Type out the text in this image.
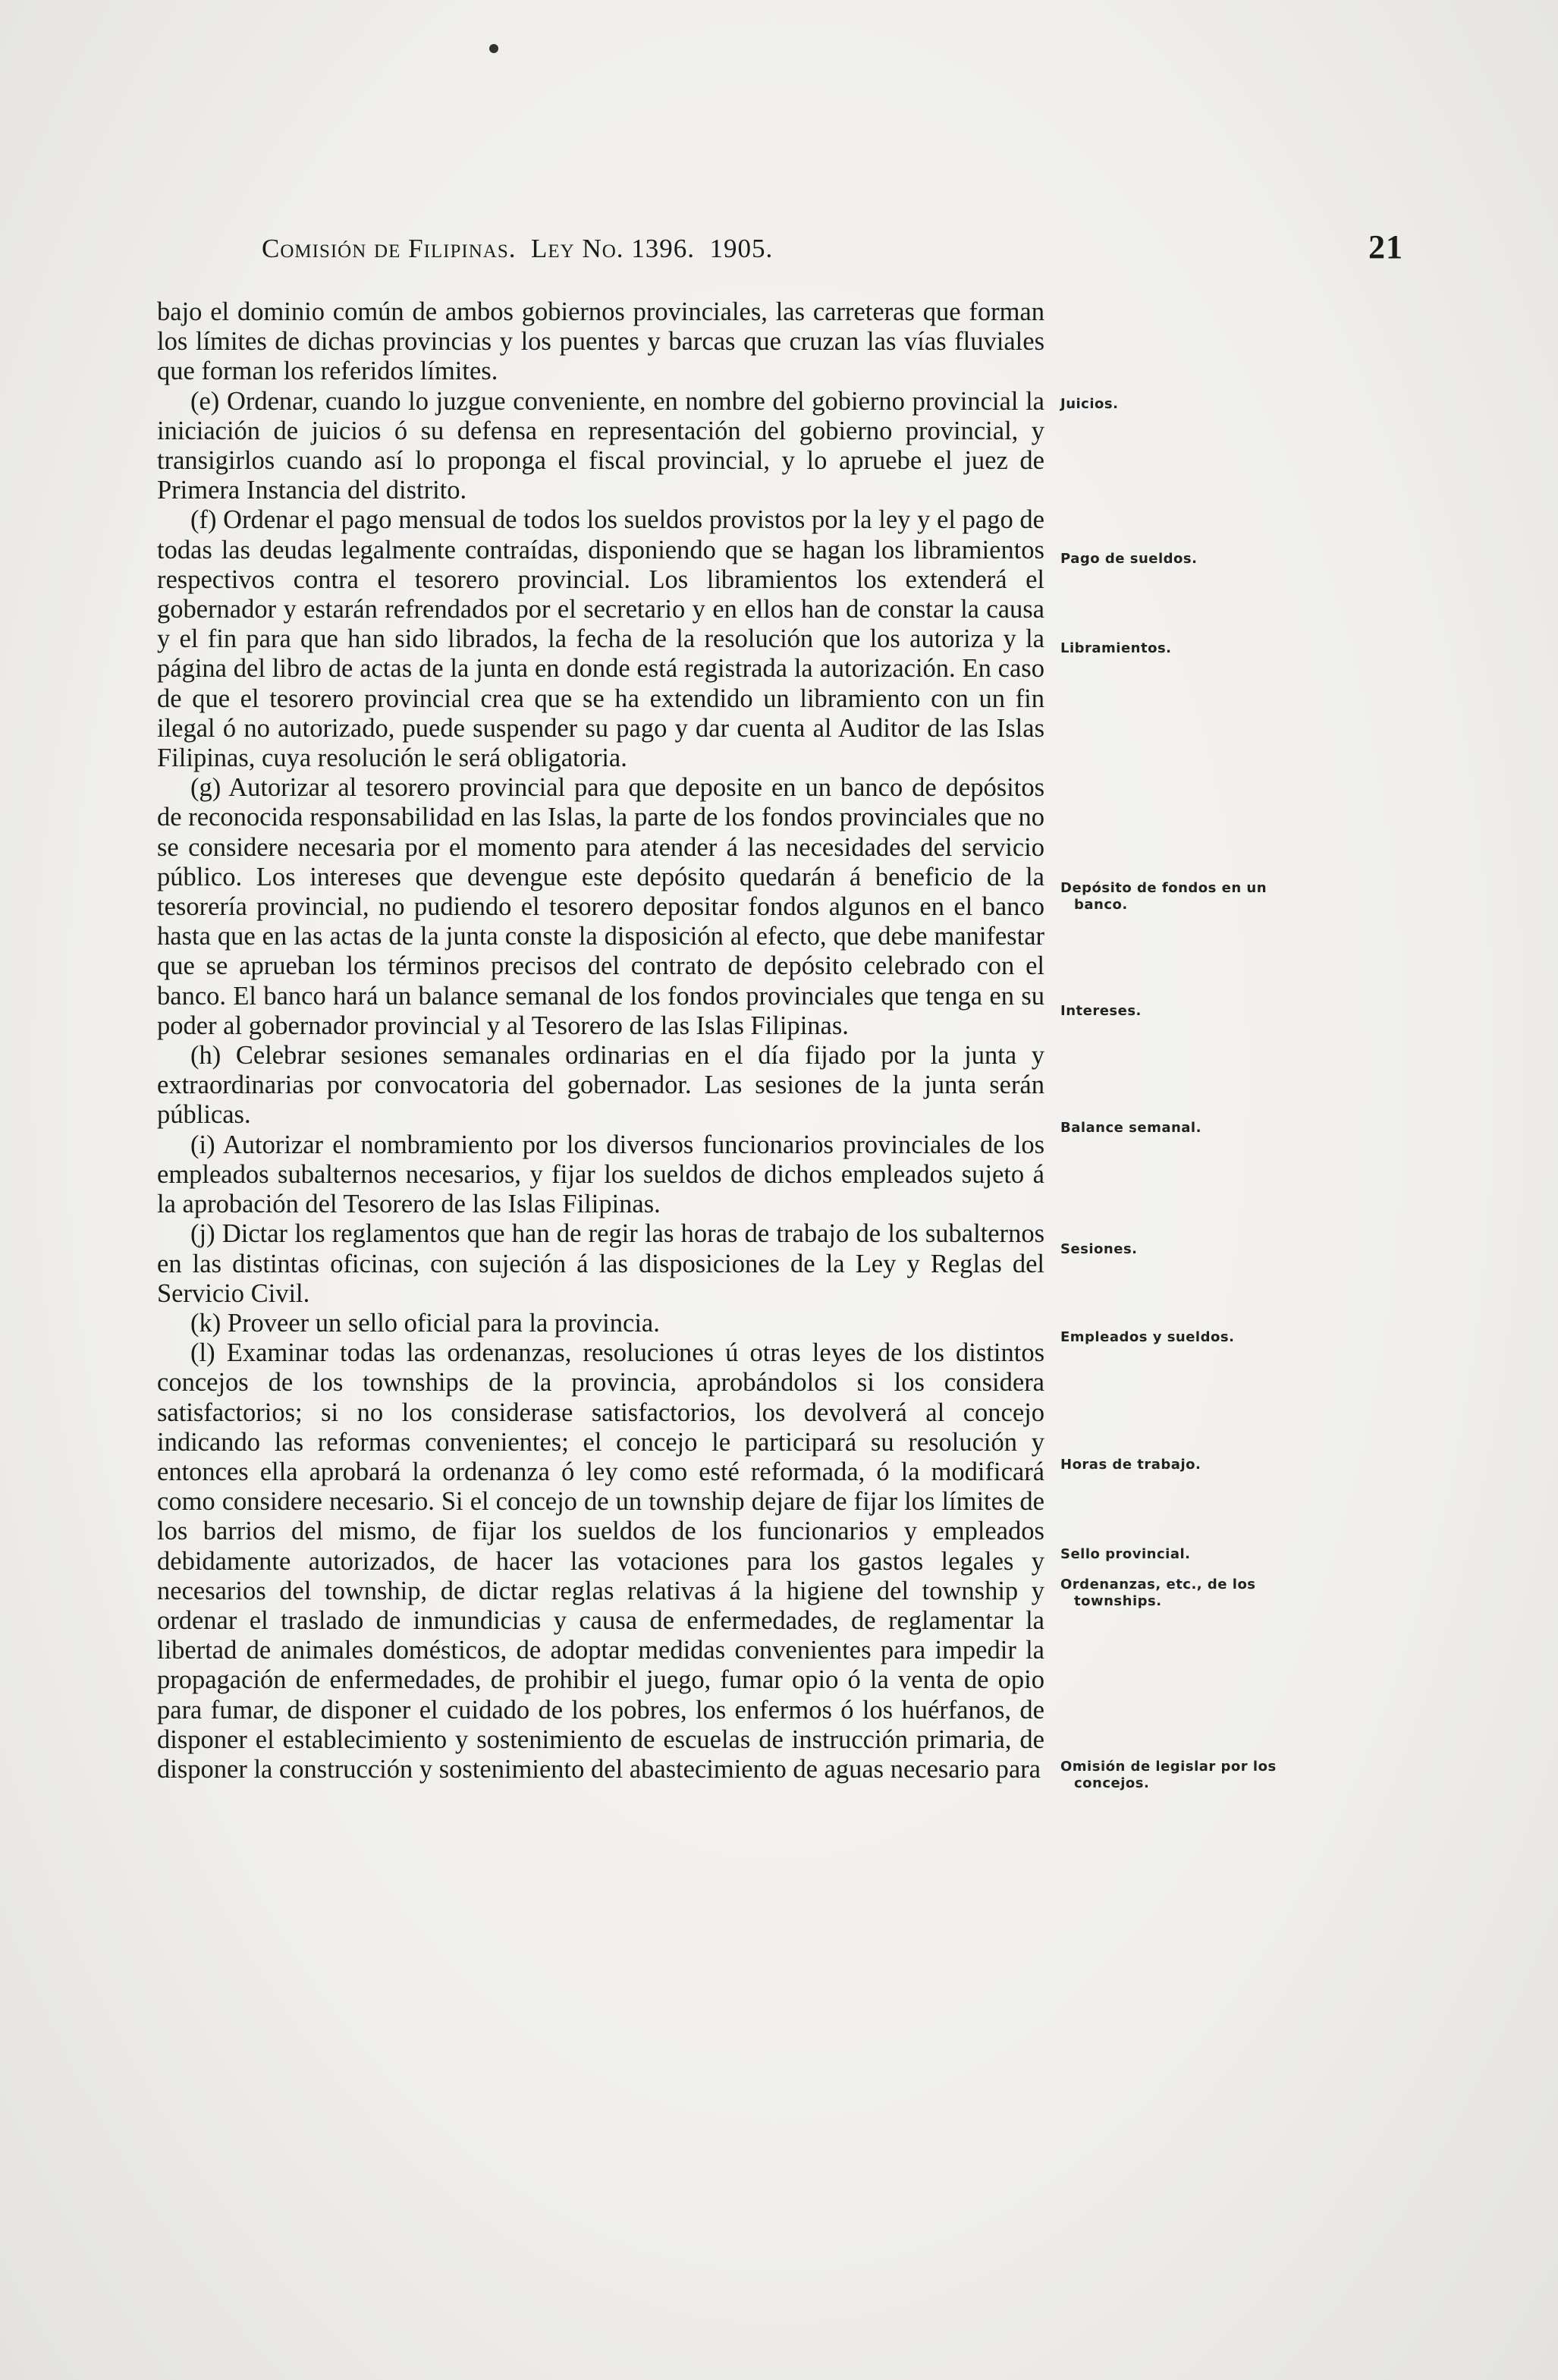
Comisión de Filipinas. Ley No. 1396. 1905.	21

bajo el dominio común de ambos gobiernos provinciales, las carreteras que forman los límites de dichas provincias y los puentes y barcas que cruzan las vías fluviales que forman los referidos límites.

(e) Ordenar, cuando lo juzgue conveniente, en nombre del gobierno provincial la iniciación de juicios ó su defensa en representación del gobierno provincial, y transigirlos cuando así lo proponga el fiscal provincial, y lo apruebe el juez de Primera Instancia del distrito.

(f) Ordenar el pago mensual de todos los sueldos provistos por la ley y el pago de todas las deudas legalmente contraídas, disponiendo que se hagan los libramientos respectivos contra el tesorero provincial. Los libramientos los extenderá el gobernador y estarán refrendados por el secretario y en ellos han de constar la causa y el fin para que han sido librados, la fecha de la resolución que los autoriza y la página del libro de actas de la junta en donde está registrada la autorización. En caso de que el tesorero provincial crea que se ha extendido un libramiento con un fin ilegal ó no autorizado, puede suspender su pago y dar cuenta al Auditor de las Islas Filipinas, cuya resolución le será obligatoria.

(g) Autorizar al tesorero provincial para que deposite en un banco de depósitos de reconocida responsabilidad en las Islas, la parte de los fondos provinciales que no se considere necesaria por el momento para atender á las necesidades del servicio público. Los intereses que devengue este depósito quedarán á beneficio de la tesorería provincial, no pudiendo el tesorero depositar fondos algunos en el banco hasta que en las actas de la junta conste la disposición al efecto, que debe manifestar que se aprueban los términos precisos del contrato de depósito celebrado con el banco. El banco hará un balance semanal de los fondos provinciales que tenga en su poder al gobernador provincial y al Tesorero de las Islas Filipinas.

(h) Celebrar sesiones semanales ordinarias en el día fijado por la junta y extraordinarias por convocatoria del gobernador. Las sesiones de la junta serán públicas.

(i) Autorizar el nombramiento por los diversos funcionarios provinciales de los empleados subalternos necesarios, y fijar los sueldos de dichos empleados sujeto á la aprobación del Tesorero de las Islas Filipinas.

(j) Dictar los reglamentos que han de regir las horas de trabajo de los subalternos en las distintas oficinas, con sujeción á las disposiciones de la Ley y Reglas del Servicio Civil.

(k) Proveer un sello oficial para la provincia.

(l) Examinar todas las ordenanzas, resoluciones ú otras leyes de los distintos concejos de los townships de la provincia, aprobándolos si los considera satisfactorios; si no los considerase satisfactorios, los devolverá al concejo indicando las reformas convenientes; el concejo le participará su resolución y entonces ella aprobará la ordenanza ó ley como esté reformada, ó la modificará como considere necesario. Si el concejo de un township dejare de fijar los límites de los barrios del mismo, de fijar los sueldos de los funcionarios y empleados debidamente autorizados, de hacer las votaciones para los gastos legales y necesarios del township, de dictar reglas relativas á la higiene del township y ordenar el traslado de inmundicias y causa de enfermedades, de reglamentar la libertad de animales domésticos, de adoptar medidas convenientes para impedir la propagación de enfermedades, de prohibir el juego, fumar opio ó la venta de opio para fumar, de disponer el cuidado de los pobres, los enfermos ó los huérfanos, de disponer el establecimiento y sostenimiento de escuelas de instrucción primaria, de disponer la construcción y sostenimiento del abastecimiento de aguas necesario para

Juicios.
Pago de sueldos.
Libramientos.
Depósito de fondos en un banco.
Intereses.
Balance semanal.
Sesiones.
Empleados y sueldos.
Horas de trabajo.
Sello provincial.
Ordenanzas, etc., de los townships.
Omisión de legislar por los concejos.
